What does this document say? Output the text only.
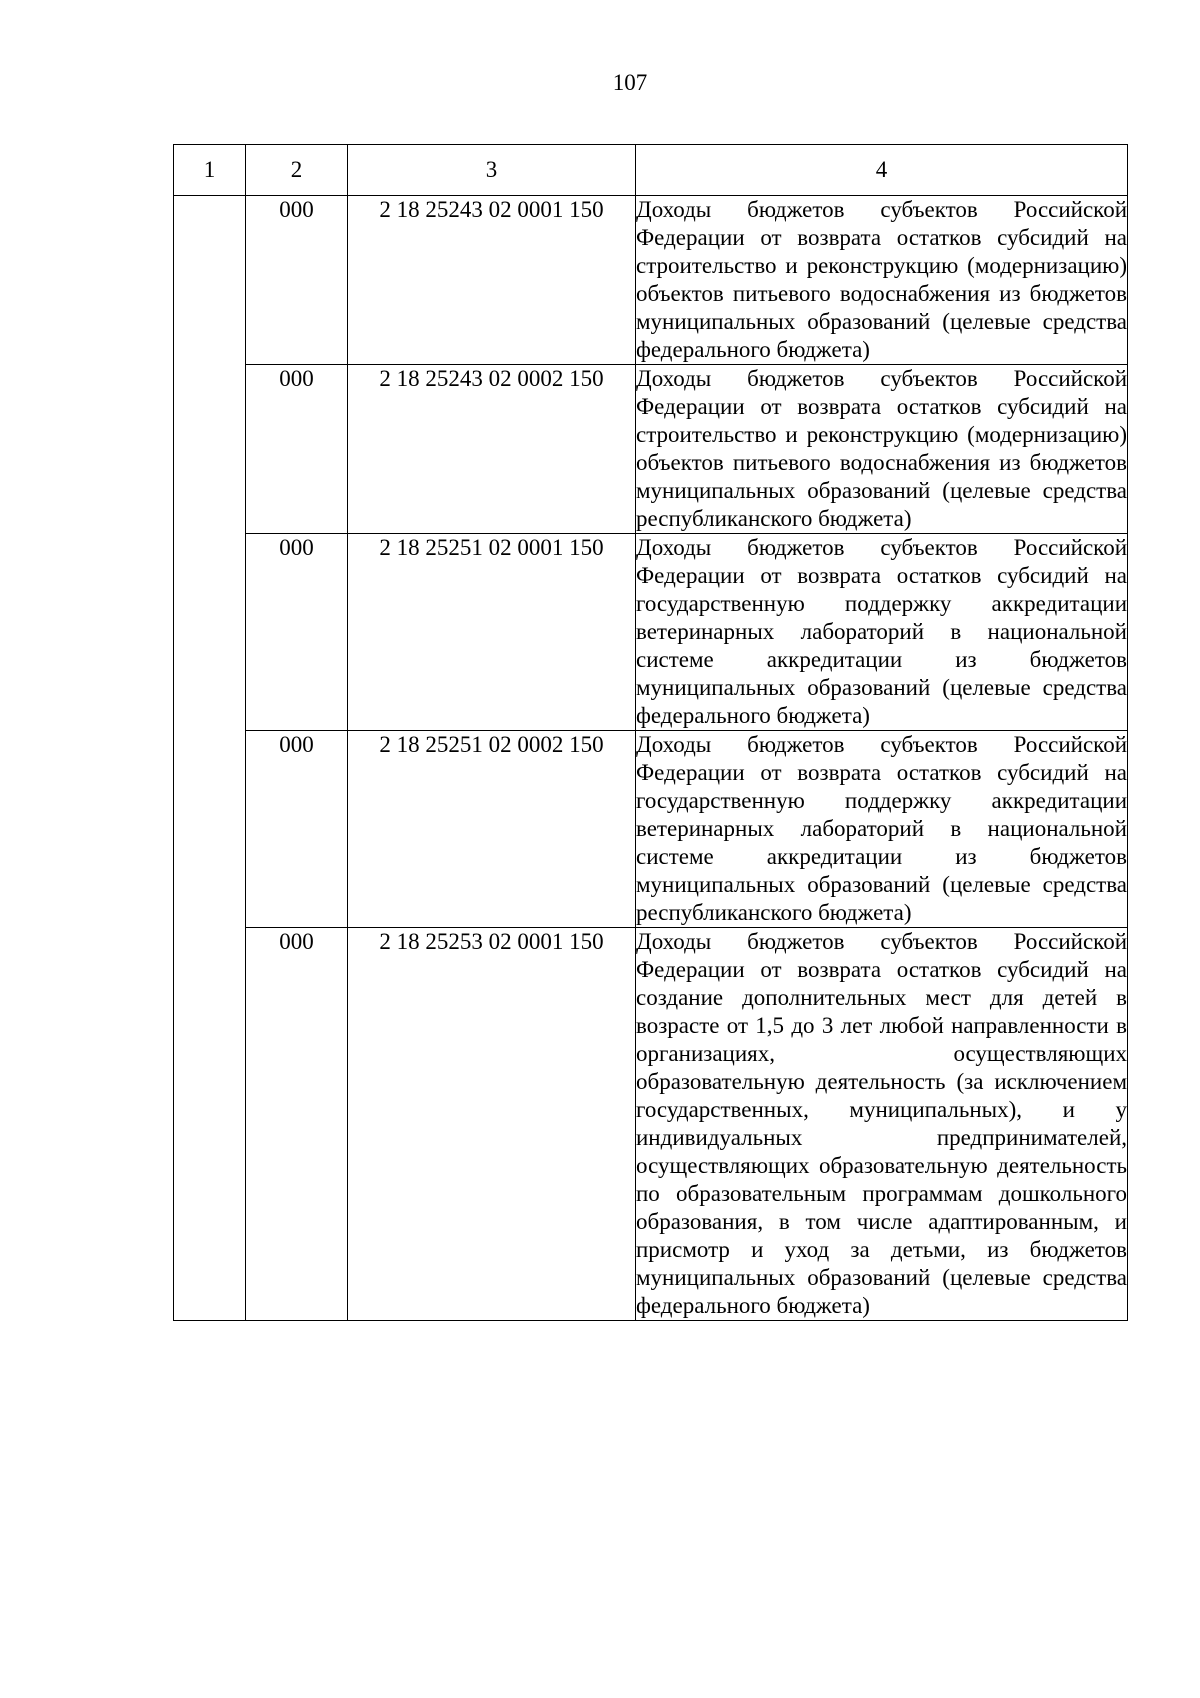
107
1	2	3	4
	000	2 18 25243 02 0001 150	Доходы бюджетов субъектов Российской Федерации от возврата остатков субсидий на строительство и реконструкцию (модернизацию) объектов питьевого водоснабжения из бюджетов муниципальных образований (целевые средства федерального бюджета)
	000	2 18 25243 02 0002 150	Доходы бюджетов субъектов Российской Федерации от возврата остатков субсидий на строительство и реконструкцию (модернизацию) объектов питьевого водоснабжения из бюджетов муниципальных образований (целевые средства республиканского бюджета)
	000	2 18 25251 02 0001 150	Доходы бюджетов субъектов Российской Федерации от возврата остатков субсидий на государственную поддержку аккредитации ветеринарных лабораторий в национальной системе аккредитации из бюджетов муниципальных образований (целевые средства федерального бюджета)
	000	2 18 25251 02 0002 150	Доходы бюджетов субъектов Российской Федерации от возврата остатков субсидий на государственную поддержку аккредитации ветеринарных лабораторий в национальной системе аккредитации из бюджетов муниципальных образований (целевые средства республиканского бюджета)
	000	2 18 25253 02 0001 150	Доходы бюджетов субъектов Российской Федерации от возврата остатков субсидий на создание дополнительных мест для детей в возрасте от 1,5 до 3 лет любой направленности в организациях, осуществляющих образовательную деятельность (за исключением государственных, муниципальных), и у индивидуальных предпринимателей, осуществляющих образовательную деятельность по образовательным программам дошкольного образования, в том числе адаптированным, и присмотр и уход за детьми, из бюджетов муниципальных образований (целевые средства федерального бюджета)
